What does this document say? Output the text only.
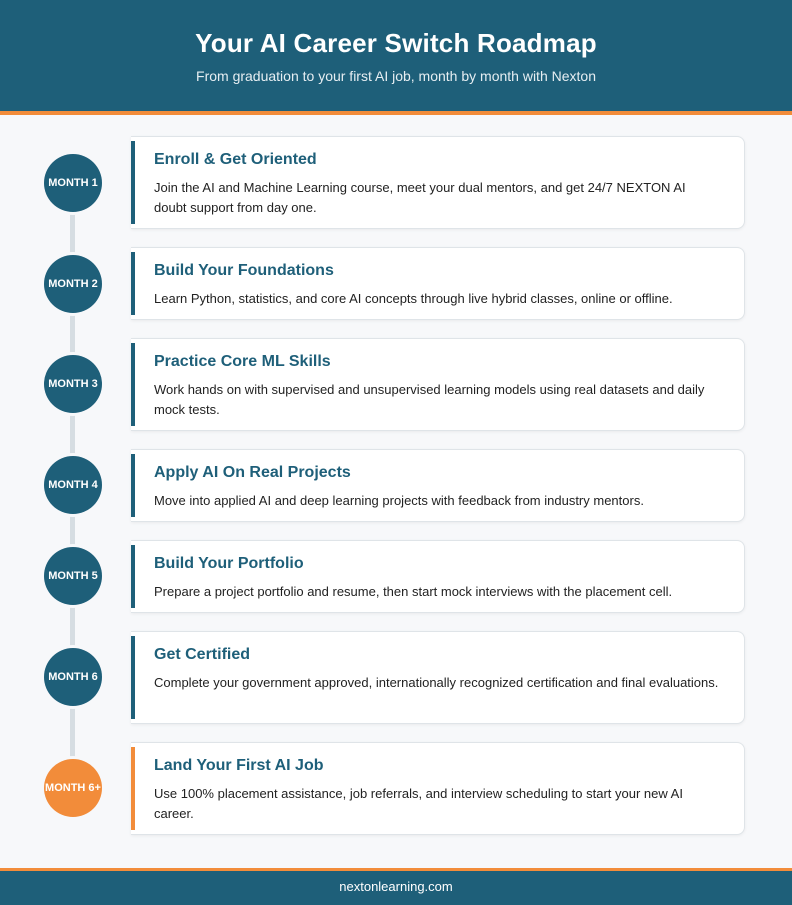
Your AI Career Switch Roadmap
From graduation to your first AI job, month by month with Nexton
MONTH 1
Enroll & Get Oriented
Join the AI and Machine Learning course, meet your dual mentors, and get 24/7 NEXTON AI doubt support from day one.
MONTH 2
Build Your Foundations
Learn Python, statistics, and core AI concepts through live hybrid classes, online or offline.
MONTH 3
Practice Core ML Skills
Work hands on with supervised and unsupervised learning models using real datasets and daily mock tests.
MONTH 4
Apply AI On Real Projects
Move into applied AI and deep learning projects with feedback from industry mentors.
MONTH 5
Build Your Portfolio
Prepare a project portfolio and resume, then start mock interviews with the placement cell.
MONTH 6
Get Certified
Complete your government approved, internationally recognized certification and final evaluations.
MONTH 6+
Land Your First AI Job
Use 100% placement assistance, job referrals, and interview scheduling to start your new AI career.
nextonlearning.com
